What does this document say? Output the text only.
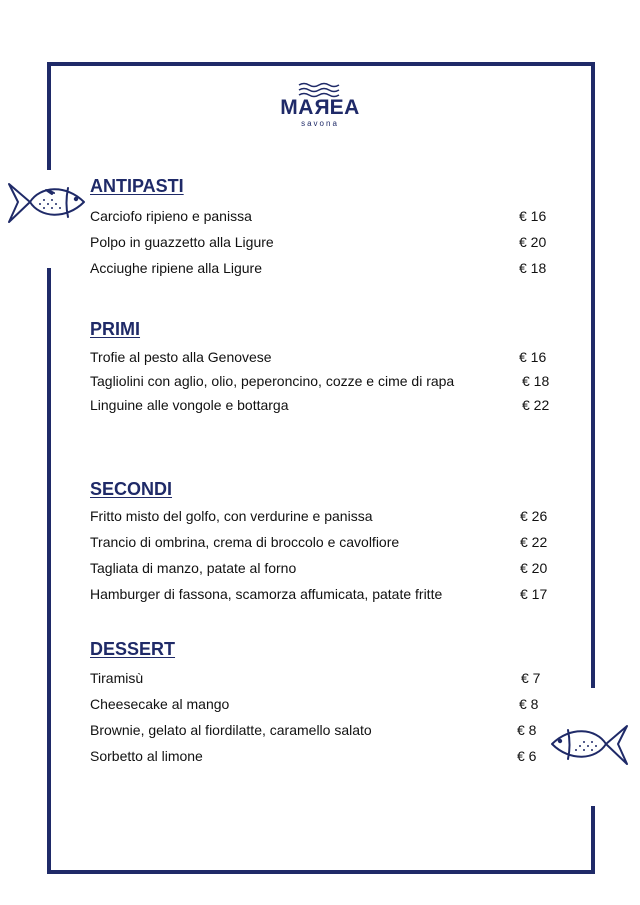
MAREA
savona
ANTIPASTI
Carciofo ripieno e panissa	€ 16
Polpo in guazzetto alla Ligure	€ 20
Acciughe ripiene alla Ligure	€ 18
PRIMI
Trofie al pesto alla Genovese	€ 16
Tagliolini con aglio, olio, peperoncino, cozze e cime di rapa	€ 18
Linguine alle vongole e bottarga	€ 22
SECONDI
Fritto misto del golfo, con verdurine e panissa	€ 26
Trancio di ombrina, crema di broccolo e cavolfiore	€ 22
Tagliata di manzo, patate al forno	€ 20
Hamburger di fassona, scamorza affumicata, patate fritte	€ 17
DESSERT
Tiramisù	€ 7
Cheesecake al mango	€ 8
Brownie, gelato al fiordilatte, caramello salato	€ 8
Sorbetto al limone	€ 6
